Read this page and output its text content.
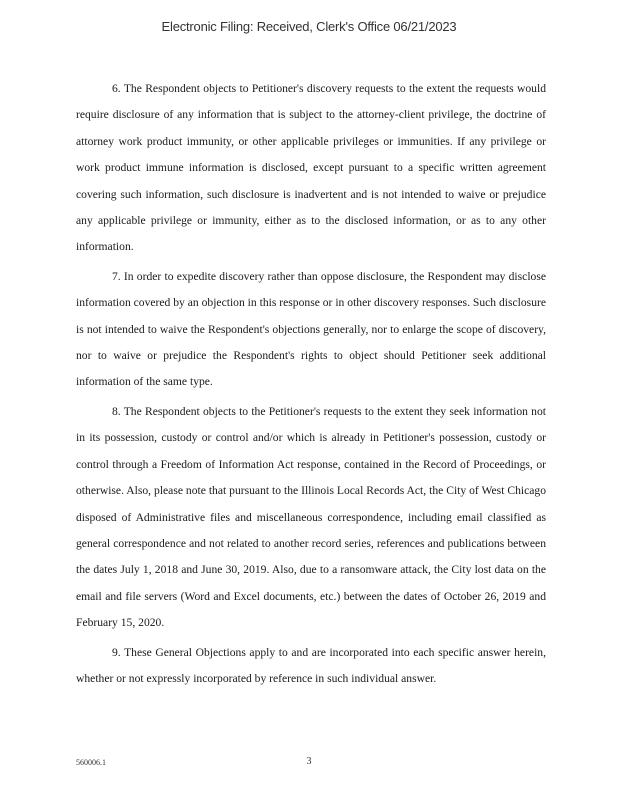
Electronic Filing: Received, Clerk's Office 06/21/2023

6. The Respondent objects to Petitioner's discovery requests to the extent the requests would require disclosure of any information that is subject to the attorney-client privilege, the doctrine of attorney work product immunity, or other applicable privileges or immunities. If any privilege or work product immune information is disclosed, except pursuant to a specific written agreement covering such information, such disclosure is inadvertent and is not intended to waive or prejudice any applicable privilege or immunity, either as to the disclosed information, or as to any other information.

7. In order to expedite discovery rather than oppose disclosure, the Respondent may disclose information covered by an objection in this response or in other discovery responses. Such disclosure is not intended to waive the Respondent's objections generally, nor to enlarge the scope of discovery, nor to waive or prejudice the Respondent's rights to object should Petitioner seek additional information of the same type.

8. The Respondent objects to the Petitioner's requests to the extent they seek information not in its possession, custody or control and/or which is already in Petitioner's possession, custody or control through a Freedom of Information Act response, contained in the Record of Proceedings, or otherwise. Also, please note that pursuant to the Illinois Local Records Act, the City of West Chicago disposed of Administrative files and miscellaneous correspondence, including email classified as general correspondence and not related to another record series, references and publications between the dates July 1, 2018 and June 30, 2019. Also, due to a ransomware attack, the City lost data on the email and file servers (Word and Excel documents, etc.) between the dates of October 26, 2019 and February 15, 2020.

9. These General Objections apply to and are incorporated into each specific answer herein, whether or not expressly incorporated by reference in such individual answer.

560006.1	3
